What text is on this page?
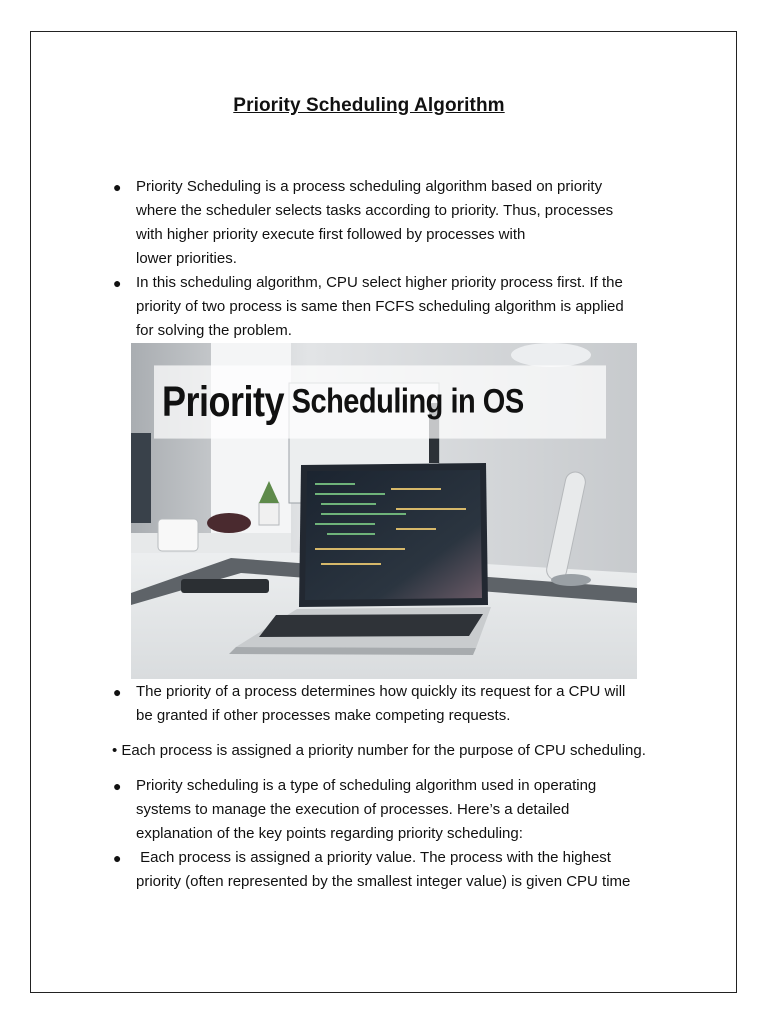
Priority Scheduling Algorithm
● Priority Scheduling is a process scheduling algorithm based on priority
where the scheduler selects tasks according to priority. Thus, processes
with higher priority execute first followed by processes with
lower priorities.
● In this scheduling algorithm, CPU select higher priority process first. If the
priority of two process is same then FCFS scheduling algorithm is applied
for solving the problem.
Priority Scheduling in OS
● The priority of a process determines how quickly its request for a CPU will
be granted if other processes make competing requests.

• Each process is assigned a priority number for the purpose of CPU scheduling.

● Priority scheduling is a type of scheduling algorithm used in operating
systems to manage the execution of processes. Here’s a detailed
explanation of the key points regarding priority scheduling:
● Each process is assigned a priority value. The process with the highest
priority (often represented by the smallest integer value) is given CPU time
